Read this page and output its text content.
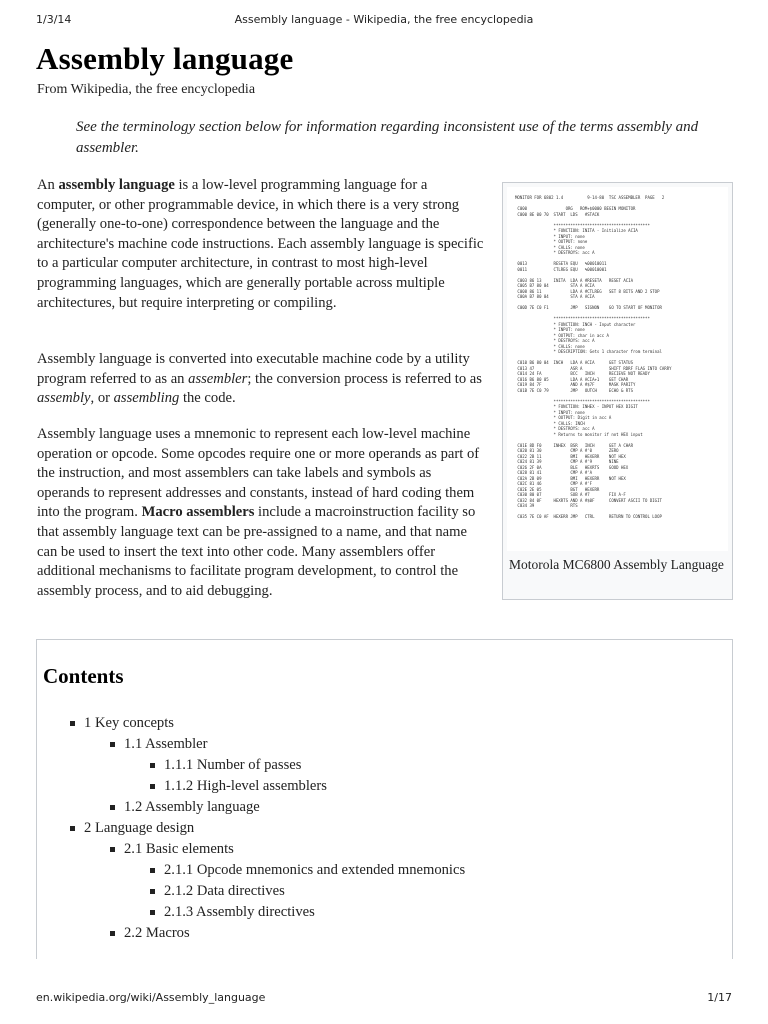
1/3/14	Assembly language - Wikipedia, the free encyclopedia
Assembly language
From Wikipedia, the free encyclopedia

See the terminology section below for information regarding inconsistent use of the terms assembly and assembler.

An assembly language is a low-level programming language for a computer, or other programmable device, in which there is a very strong (generally one-to-one) correspondence between the language and the architecture's machine code instructions. Each assembly language is specific to a particular computer architecture, in contrast to most high-level programming languages, which are generally portable across multiple architectures, but require interpreting or compiling.

Assembly language is converted into executable machine code by a utility program referred to as an assembler; the conversion process is referred to as assembly, or assembling the code.

Assembly language uses a mnemonic to represent each low-level machine operation or opcode. Some opcodes require one or more operands as part of the instruction, and most assemblers can take labels and symbols as operands to represent addresses and constants, instead of hard coding them into the program. Macro assemblers include a macroinstruction facility so that assembly language text can be pre-assigned to a name, and that name can be used to insert the text into other code. Many assemblers offer additional mechanisms to facilitate program development, to control the assembly process, and to aid debugging.

MONITOR FOR 6802 1.4          9-14-80  TSC ASSEMBLER  PAGE   2

C000                ORG   ROM+$0000 BEGIN MONITOR
C000 8E 00 70  START  LDS   #STACK

****************************************
* FUNCTION: INITA - Initialize ACIA
* INPUT: none
* OUTPUT: none
* CALLS: none
* DESTROYS: acc A

0013           RESETA EQU   %00010011
0011           CTLREG EQU   %00010001

C003 86 13     INITA  LDA A #RESETA   RESET ACIA
C005 B7 80 04         STA A ACIA
C008 86 11            LDA A #CTLREG   SET 8 BITS AND 2 STOP
C00A B7 80 04         STA A ACIA

C00D 7E C0 F1         JMP   SIGNON    GO TO START OF MONITOR

****************************************
* FUNCTION: INCH - Input character
* INPUT: none
* OUTPUT: char in acc A
* DESTROYS: acc A
* CALLS: none
* DESCRIPTION: Gets 1 character from terminal

C010 B6 80 04  INCH   LDA A ACIA      GET STATUS
C013 47               ASR A           SHIFT RDRF FLAG INTO CARRY
C014 24 FA            BCC   INCH      RECIEVE NOT READY
C016 B6 80 05         LDA A ACIA+1    GET CHAR
C019 84 7F            AND A #$7F      MASK PARITY
C01B 7E C0 79         JMP   OUTCH     ECHO & RTS

****************************************
* FUNCTION: INHEX - INPUT HEX DIGIT
* INPUT: none
* OUTPUT: Digit in acc A
* CALLS: INCH
* DESTROYS: acc A
* Returns to monitor if not HEX input

C01E 8D F0     INHEX  BSR   INCH      GET A CHAR
C020 81 30            CMP A #'0       ZERO
C022 2B 11            BMI   HEXERR    NOT HEX
C024 81 39            CMP A #'9       NINE
C026 2F 0A            BLE   HEXRTS    GOOD HEX
C028 81 41            CMP A #'A
C02A 2B 09            BMI   HEXERR    NOT HEX
C02C 81 46            CMP A #'F
C02E 2E 05            BGT   HEXERR
C030 80 07            SUB A #7        FIX A-F
C032 84 0F     HEXRTS AND A #$0F      CONVERT ASCII TO DIGIT
C034 39               RTS

C035 7E C0 AF  HEXERR JMP   CTRL      RETURN TO CONTROL LOOP
Motorola MC6800 Assembly Language
Contents
1 Key concepts
1.1 Assembler
1.1.1 Number of passes
1.1.2 High-level assemblers
1.2 Assembly language
2 Language design
2.1 Basic elements
2.1.1 Opcode mnemonics and extended mnemonics
2.1.2 Data directives
2.1.3 Assembly directives
2.2 Macros
en.wikipedia.org/wiki/Assembly_language	1/17
